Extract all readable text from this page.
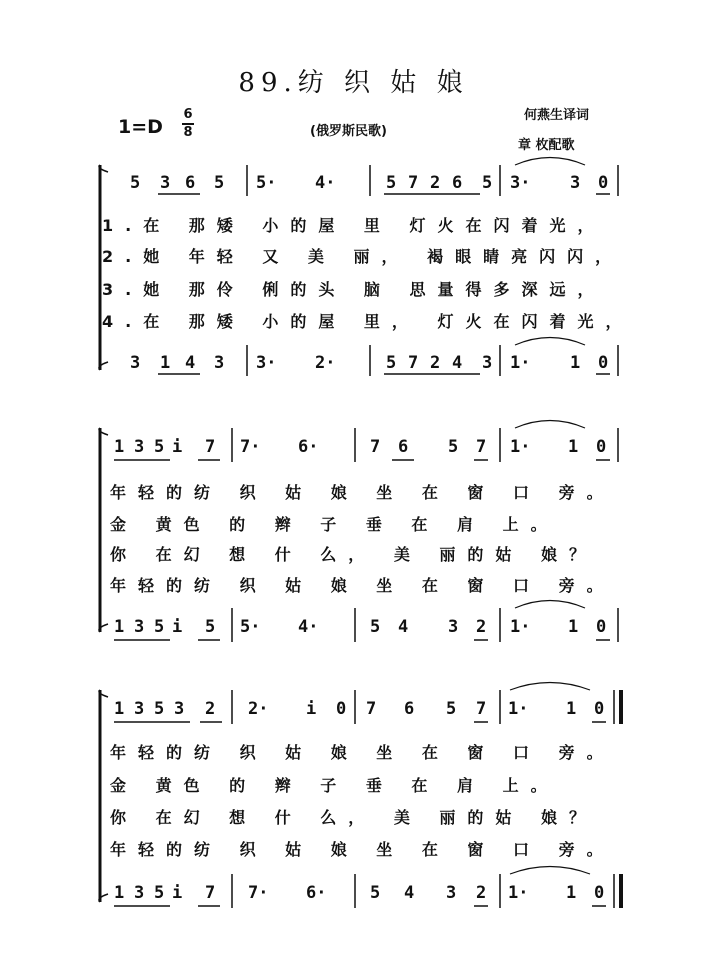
89.纺 织 姑 娘
1=D
6
8	(俄罗斯民歌)
何燕生译词
章 枚配歌
5 3 6 5 5· 4·	5 7 2 6 5 3· 3 0
3 1 4 3 3· 2·	5 7 2 4 3 1· 1 0
1 3 5 i 7 7· 6·	7 6 5 7 1· 1 0
1 3 5 i 5 5· 4·	5 4 3 2 1· 1 0
1 3 5 3 2 2· i 0 7 6 5 7 1· 1 0
1 3 5 i 7 7· 6·	5 4 3 2 1· 1 0
1.在 那矮 小的屋 里 灯火在闪着光，
2.她 年轻 又 美 丽， 褐眼睛亮闪闪，
3.她 那伶 俐的头 脑 思量得多深远，
4.在 那矮 小的屋 里， 灯火在闪着光，
年轻的纺 织 姑 娘 坐 在 窗 口 旁。
金 黄色 的 辫 子 垂 在 肩 上。
你 在幻 想 什 么， 美 丽的姑 娘？
年轻的纺 织 姑 娘 坐 在 窗 口 旁。
年轻的纺 织 姑 娘 坐 在 窗 口 旁。
金 黄色 的 辫 子 垂 在 肩 上。
你 在幻 想 什 么， 美 丽的姑 娘？
年轻的纺 织 姑 娘 坐 在 窗 口 旁。
